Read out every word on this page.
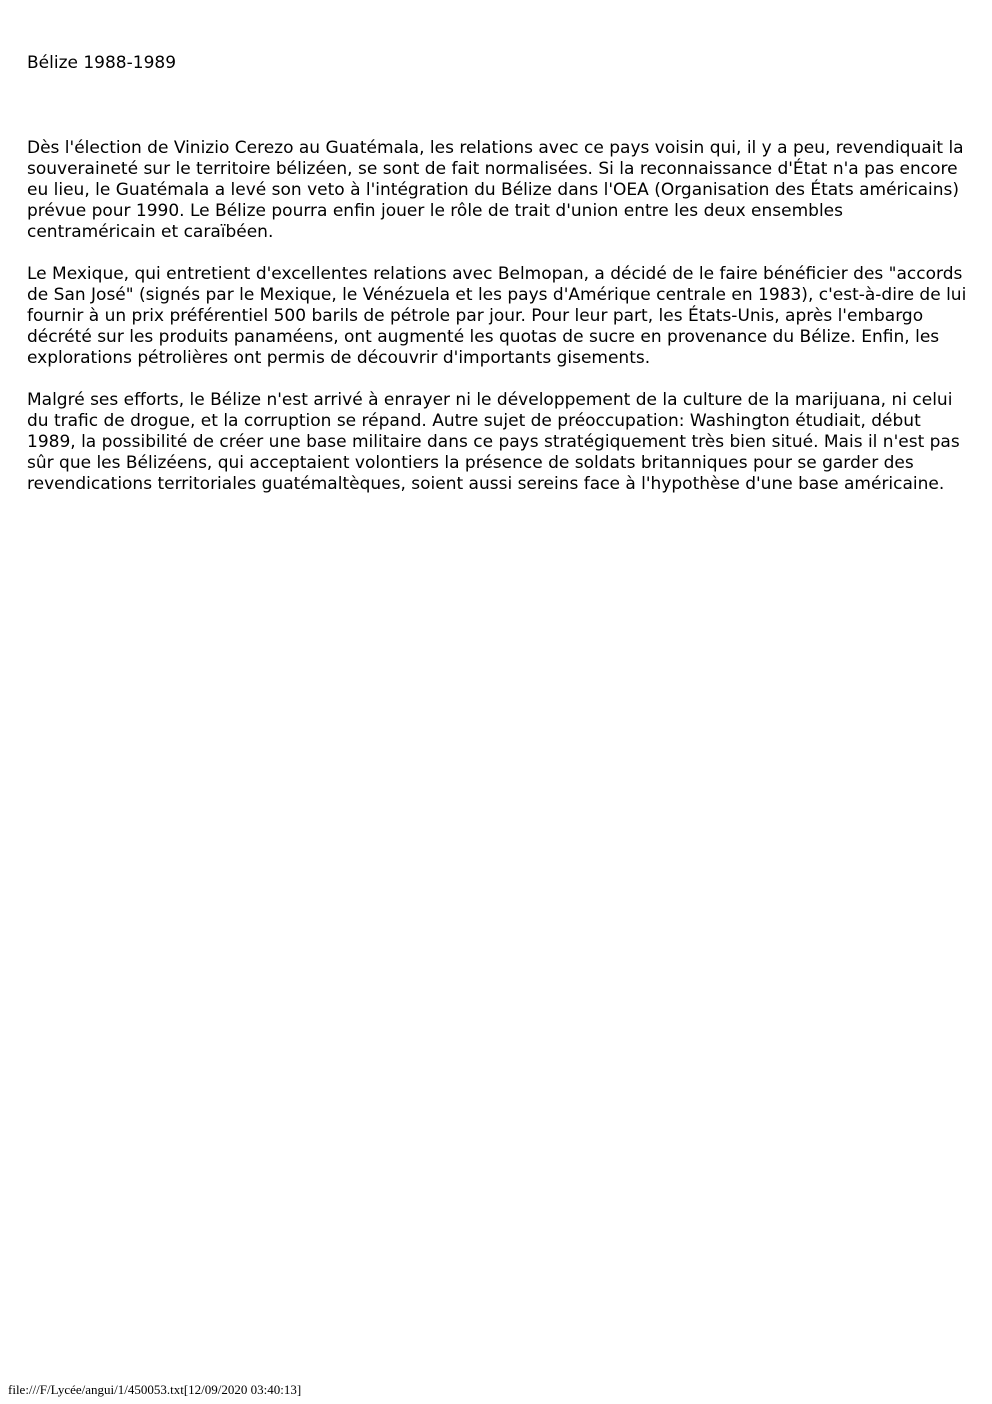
Bélize 1988-1989

Dès l'élection de Vinizio Cerezo au Guatémala, les relations avec ce pays voisin qui, il y a peu, revendiquait la souveraineté sur le territoire bélizéen, se sont de fait normalisées. Si la reconnaissance d'État n'a pas encore eu lieu, le Guatémala a levé son veto à l'intégration du Bélize dans l'OEA (Organisation des États américains) prévue pour 1990. Le Bélize pourra enfin jouer le rôle de trait d'union entre les deux ensembles centraméricain et caraïbéen.

Le Mexique, qui entretient d'excellentes relations avec Belmopan, a décidé de le faire bénéficier des "accords de San José" (signés par le Mexique, le Vénézuela et les pays d'Amérique centrale en 1983), c'est-à-dire de lui fournir à un prix préférentiel 500 barils de pétrole par jour. Pour leur part, les États-Unis, après l'embargo décrété sur les produits panaméens, ont augmenté les quotas de sucre en provenance du Bélize. Enfin, les explorations pétrolières ont permis de découvrir d'importants gisements.

Malgré ses efforts, le Bélize n'est arrivé à enrayer ni le développement de la culture de la marijuana, ni celui du trafic de drogue, et la corruption se répand. Autre sujet de préoccupation: Washington étudiait, début 1989, la possibilité de créer une base militaire dans ce pays stratégiquement très bien situé. Mais il n'est pas sûr que les Bélizéens, qui acceptaient volontiers la présence de soldats britanniques pour se garder des revendications territoriales guatémaltèques, soient aussi sereins face à l'hypothèse d'une base américaine.

file:///F/Lycée/angui/1/450053.txt[12/09/2020 03:40:13]
